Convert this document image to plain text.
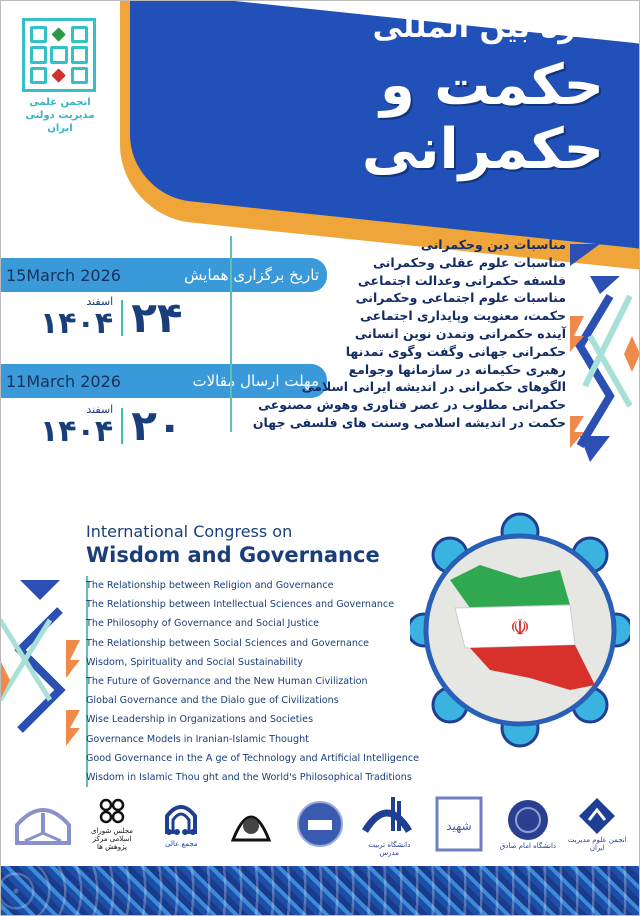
کنگره بین المللی
حکمت و حکمرانی
انجمن علمی
مدیریت دولتی ایران
15March 2026	تاریخ برگزاری همایش
اسفند
۱۴۰۴ ۲۴
11March 2026	مهلت ارسال مقالات
اسفند
۱۴۰۴ ۲۰
مناسبات دین وحکمرانی
مناسبات علوم عقلی وحکمرانی
فلسفه حکمرانی وعدالت اجتماعی
مناسبات علوم اجتماعی وحکمرانی
حکمت، معنویت وپایداری اجتماعی
آینده حکمرانی وتمدن نوین انسانی
حکمرانی جهانی وگفت وگوی تمدنها
رهبری حکیمانه در سازمانها وجوامع
الگوهای حکمرانی در اندیشه ایرانی اسلامی
حکمرانی مطلوب در عصر فناوری وهوش مصنوعی
حکمت در اندیشه اسلامی وسنت های فلسفی جهان
International Congress on
Wisdom and Governance
The Relationship between Religion and Governance
The Relationship between Intellectual Sciences and Governance
The Philosophy of Governance and Social Justice
The Relationship between Social Sciences and Governance
Wisdom, Spirituality and Social Sustainability
The Future of Governance and the New Human Civilization
Global Governance and the Dialo gue of Civilizations
Wise Leadership in Organizations and Societies
Governance Models in Iranian-Islamic Thought
Good Governance in the A ge of Technology and Artificial Intelligence
Wisdom in Islamic Thou ght and the World's Philosophical Traditions
☫
مجلس شورای اسلامی مرکز پژوهش ها	مجمع عالی	دانشگاه تربیت مدرس
شهید
دانشگاه امام صادق
انجمن علوم مدیریت ایران
